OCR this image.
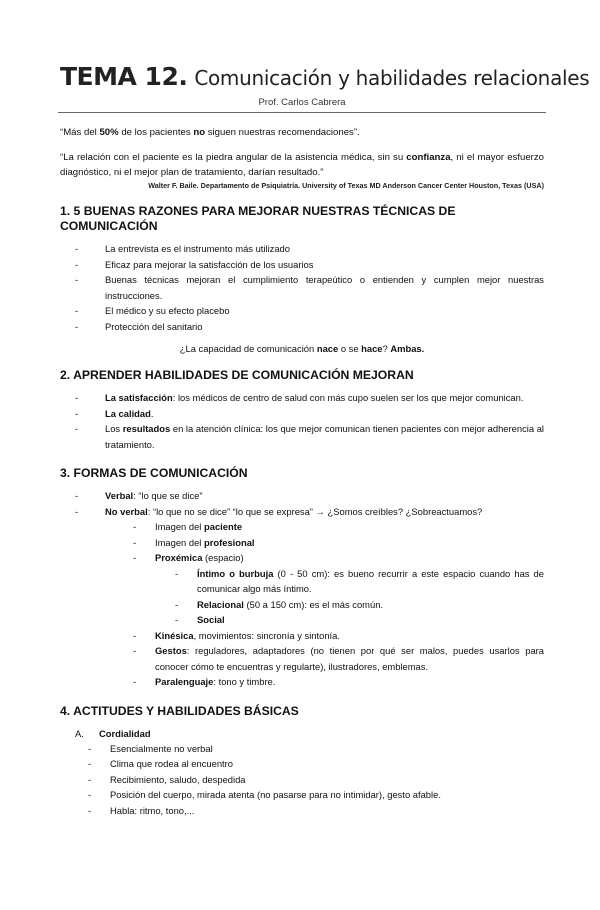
TEMA 12. Comunicación y habilidades relacionales
Prof. Carlos Cabrera

“Más del 50% de los pacientes no siguen nuestras recomendaciones”.

“La relación con el paciente es la piedra angular de la asistencia médica, sin su confianza, ni el mayor esfuerzo diagnóstico, ni el mejor plan de tratamiento, darían resultado.”

Walter F. Baile. Departamento de Psiquiatría. University of Texas MD Anderson Cancer Center Houston, Texas (USA)
1. 5 BUENAS RAZONES PARA MEJORAR NUESTRAS TÉCNICAS DE COMUNICACIÓN
- La entrevista es el instrumento más utilizado
- Eficaz para mejorar la satisfacción de los usuarios
- Buenas técnicas mejoran el cumplimiento terapeútico o entienden y cumplen mejor nuestras instrucciones.
- El médico y su efecto placebo
- Protección del sanitario

¿La capacidad de comunicación nace o se hace? Ambas.

2. APRENDER HABILIDADES DE COMUNICACIÓN MEJORAN
- La satisfacción: los médicos de centro de salud con más cupo suelen ser los que mejor comunican.
- La calidad.
- Los resultados en la atención clínica: los que mejor comunican tienen pacientes con mejor adherencia al tratamiento.
3. FORMAS DE COMUNICACIÓN
- Verbal: “lo que se dice”
- No verbal: “lo que no se dice” “lo que se expresa” → ¿Somos creíbles? ¿Sobreactuamos?
- Imagen del paciente
- Imagen del profesional
- Proxémica (espacio)
- Íntimo o burbuja (0 - 50 cm): es bueno recurrir a este espacio cuando has de comunicar algo más íntimo.
- Relacional (50 a 150 cm): es el más común.
- Social
- Kinésica, movimientos: sincronía y sintonía.
- Gestos: reguladores, adaptadores (no tienen por qué ser malos, puedes usarlos para conocer cómo te encuentras y regularte), ilustradores, emblemas.
- Paralenguaje: tono y timbre.
4. ACTITUDES Y HABILIDADES BÁSICAS
A. Cordialidad
- Esencialmente no verbal
- Clima que rodea al encuentro
- Recibimiento, saludo, despedida
- Posición del cuerpo, mirada atenta (no pasarse para no intimidar), gesto afable.
- Habla: ritmo, tono,...
